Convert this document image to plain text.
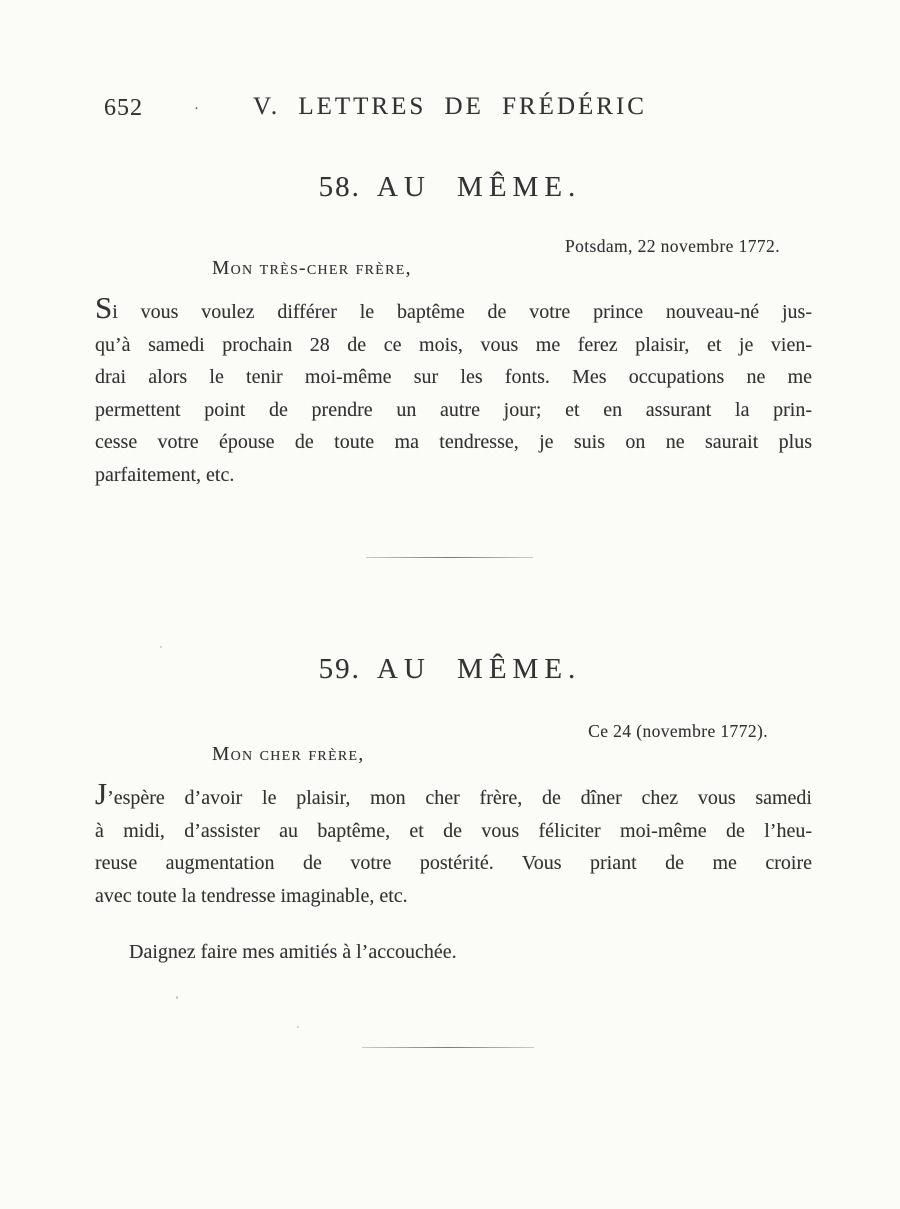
652	·	V. LETTRES DE FRÉDÉRIC
58. AU MÊME.
Potsdam, 22 novembre 1772.
Mon très-cher frère,
Si vous voulez différer le baptême de votre prince nouveau-né jus-
qu’à samedi prochain 28 de ce mois, vous me ferez plaisir, et je vien-
drai alors le tenir moi-même sur les fonts. Mes occupations ne me
permettent point de prendre un autre jour; et en assurant la prin-
cesse votre épouse de toute ma tendresse, je suis on ne saurait plus
parfaitement, etc.
59. AU MÊME.
Ce 24 (novembre 1772).
Mon cher frère,
J’espère d’avoir le plaisir, mon cher frère, de dîner chez vous samedi
à midi, d’assister au baptême, et de vous féliciter moi-même de l’heu-
reuse augmentation de votre postérité. Vous priant de me croire
avec toute la tendresse imaginable, etc.
Daignez faire mes amitiés à l’accouchée.
